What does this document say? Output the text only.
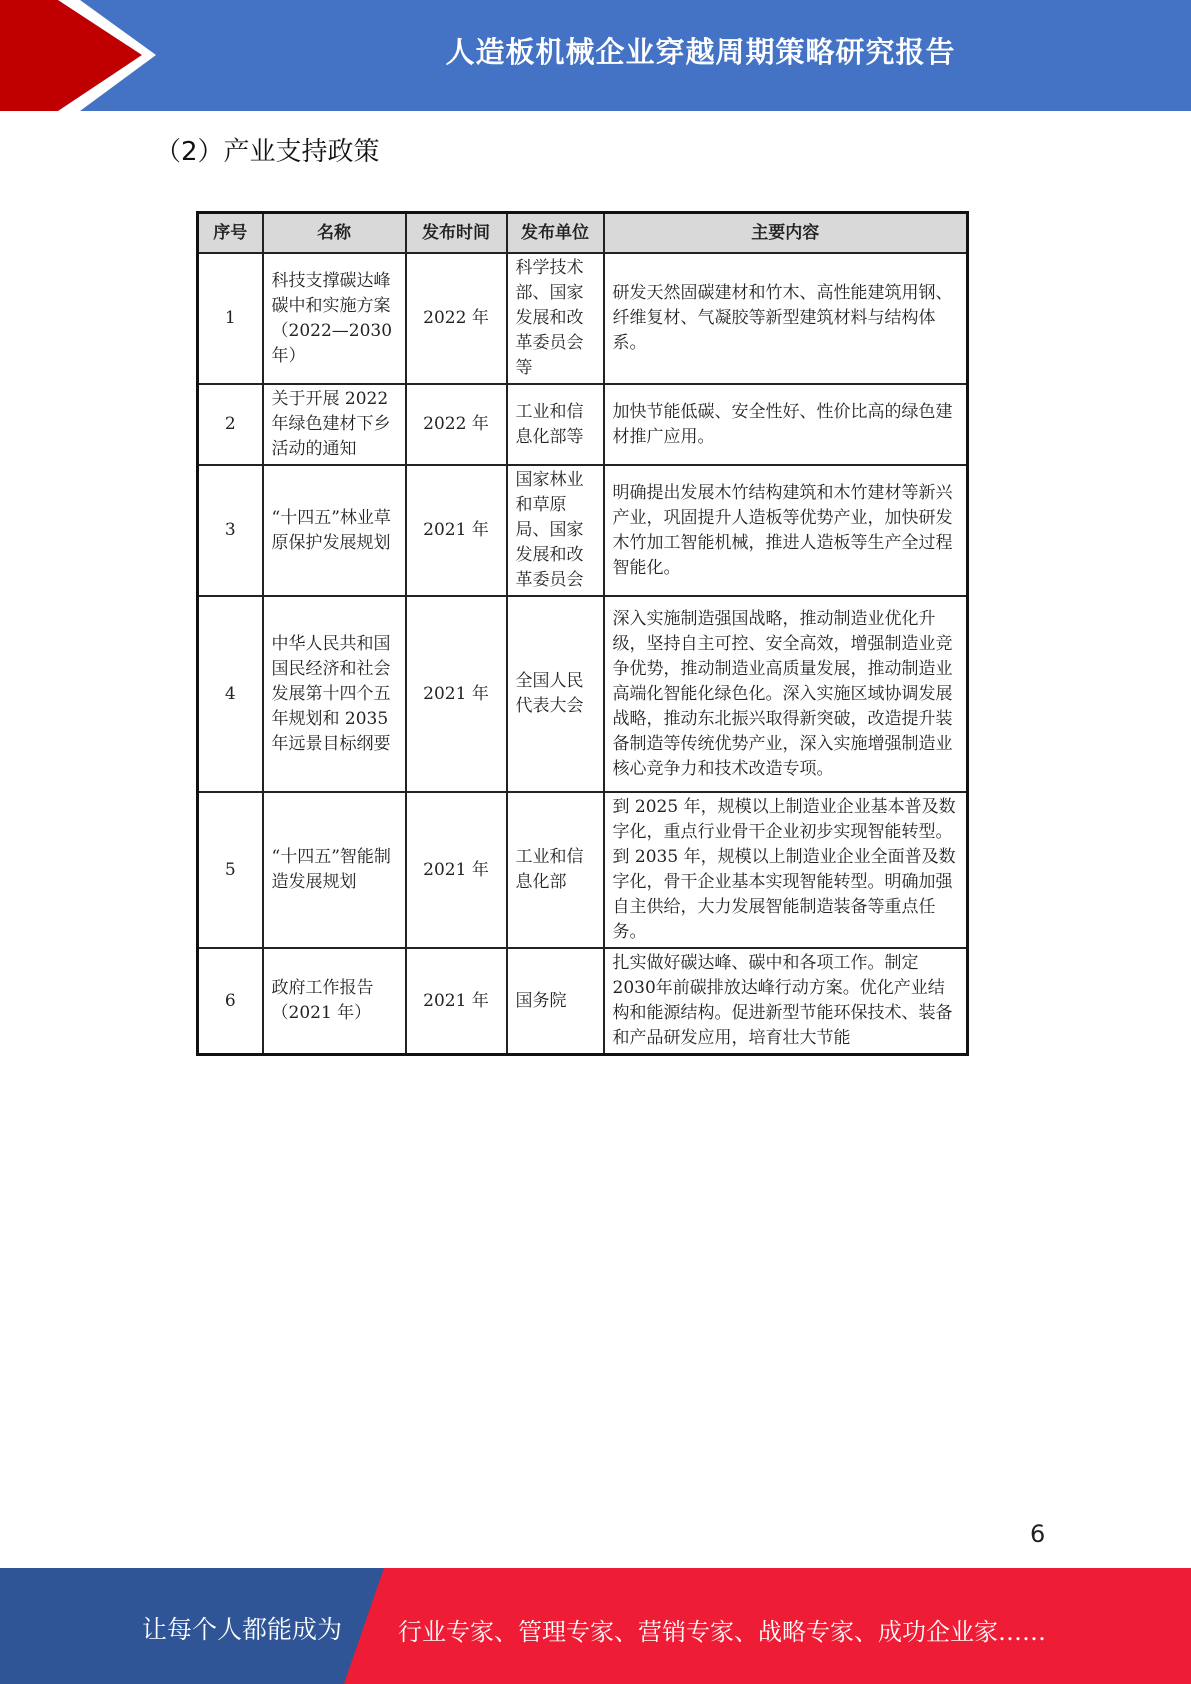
人造板机械企业穿越周期策略研究报告
（2）产业支持政策
序号	名称	发布时间	发布单位	主要内容
1	科技支撑碳达峰碳中和实施方案（2022—2030年）	2022 年	科学技术部、国家发展和改革委员会等	研发天然固碳建材和竹木、高性能建筑用钢、纤维复材、气凝胶等新型建筑材料与结构体系。
2	关于开展 2022 年绿色建材下乡活动的通知	2022 年	工业和信息化部等	加快节能低碳、安全性好、性价比高的绿色建材推广应用。
3	“十四五”林业草原保护发展规划	2021 年	国家林业和草原局、国家发展和改革委员会	明确提出发展木竹结构建筑和木竹建材等新兴产业，巩固提升人造板等优势产业，加快研发木竹加工智能机械，推进人造板等生产全过程智能化。
4	中华人民共和国国民经济和社会发展第十四个五年规划和 2035 年远景目标纲要	2021 年	全国人民代表大会	深入实施制造强国战略，推动制造业优化升级，坚持自主可控、安全高效，增强制造业竞争优势，推动制造业高质量发展，推动制造业高端化智能化绿色化。深入实施区域协调发展战略，推动东北振兴取得新突破，改造提升装备制造等传统优势产业，深入实施增强制造业核心竞争力和技术改造专项。
5	“十四五”智能制造发展规划	2021 年	工业和信息化部	到 2025 年，规模以上制造业企业基本普及数字化，重点行业骨干企业初步实现智能转型。到 2035 年，规模以上制造业企业全面普及数字化，骨干企业基本实现智能转型。明确加强自主供给，大力发展智能制造装备等重点任务。
6	政府工作报告（2021 年）	2021 年	国务院	扎实做好碳达峰、碳中和各项工作。制定2030年前碳排放达峰行动方案。优化产业结构和能源结构。促进新型节能环保技术、装备和产品研发应用，培育壮大节能
6
让每个人都能成为 行业专家、管理专家、营销专家、战略专家、成功企业家……
